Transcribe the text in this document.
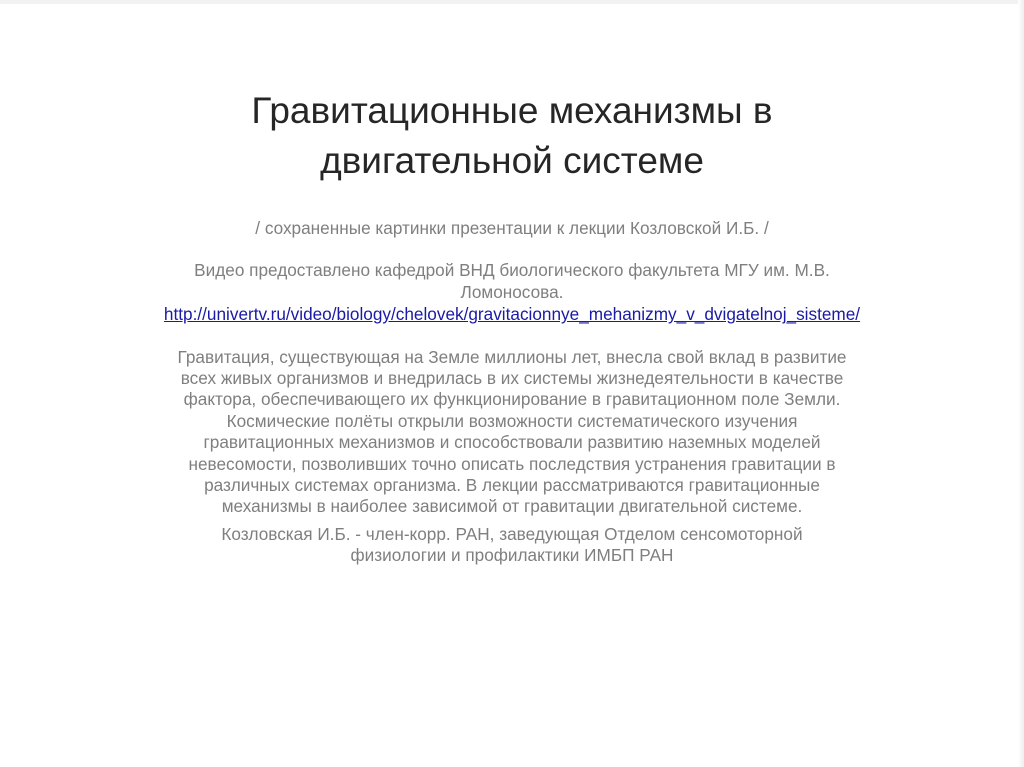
Гравитационные механизмы в двигательной системе

/ сохраненные картинки презентации к лекции Козловской И.Б. /

Видео предоставлено кафедрой ВНД биологического факультета МГУ им. М.В. Ломоносова.

http://univertv.ru/video/biology/chelovek/gravitacionnye_mehanizmy_v_dvigatelnoj_sisteme/

Гравитация, существующая на Земле миллионы лет, внесла свой вклад в развитие всех живых организмов и внедрилась в их системы жизнедеятельности в качестве фактора, обеспечивающего их функционирование в гравитационном поле Земли. Космические полёты открыли возможности систематического изучения гравитационных механизмов и способствовали развитию наземных моделей невесомости, позволивших точно описать последствия устранения гравитации в различных системах организма. В лекции рассматриваются гравитационные механизмы в наиболее зависимой от гравитации двигательной системе.

Козловская И.Б. - член-корр. РАН, заведующая Отделом сенсомоторной физиологии и профилактики ИМБП РАН
